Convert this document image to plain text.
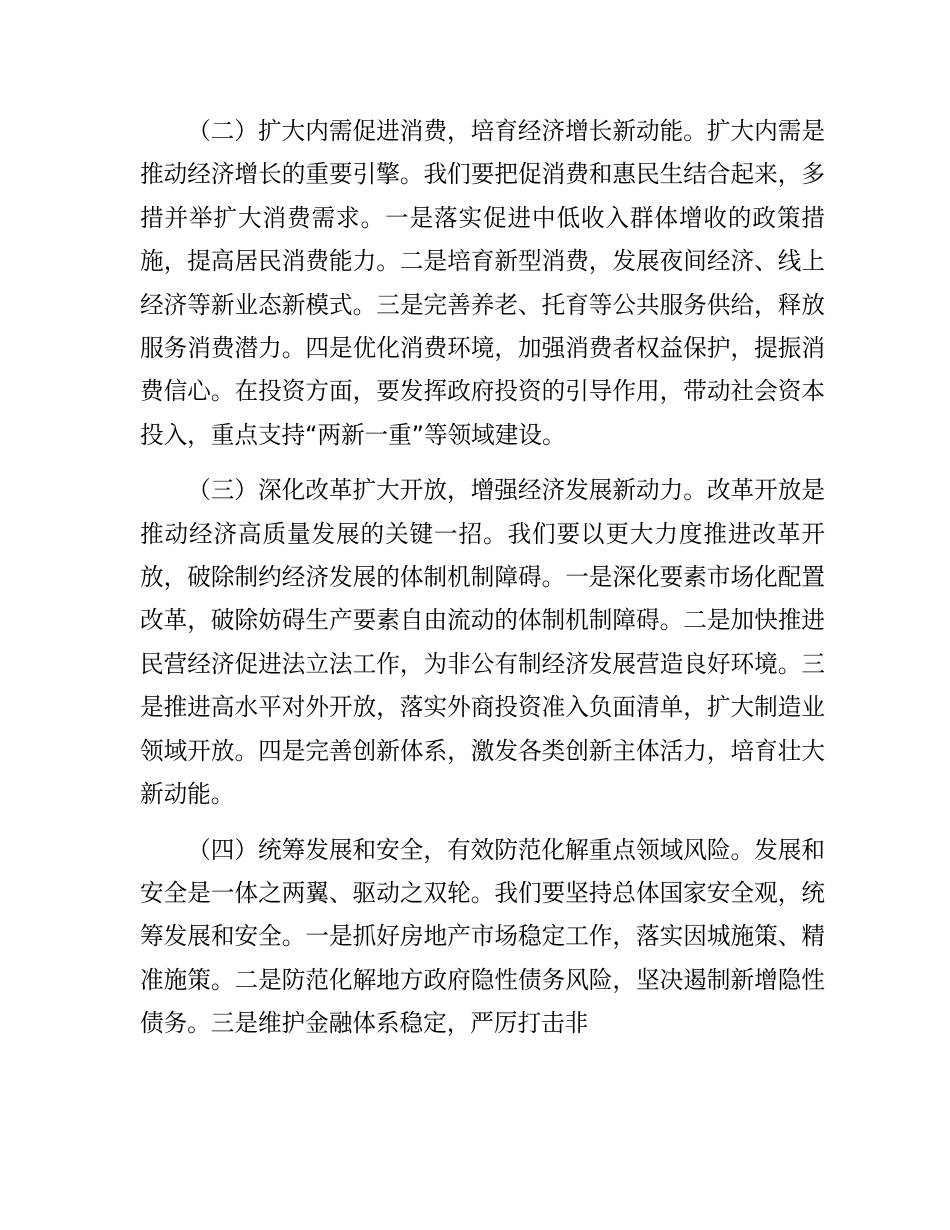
（二）扩大内需促进消费，培育经济增长新动能。扩大内需是推动经济增长的重要引擎。我们要把促消费和惠民生结合起来，多措并举扩大消费需求。一是落实促进中低收入群体增收的政策措施，提高居民消费能力。二是培育新型消费，发展夜间经济、线上经济等新业态新模式。三是完善养老、托育等公共服务供给，释放服务消费潜力。四是优化消费环境，加强消费者权益保护，提振消费信心。在投资方面，要发挥政府投资的引导作用，带动社会资本投入，重点支持“两新一重”等领域建设。

（三）深化改革扩大开放，增强经济发展新动力。改革开放是推动经济高质量发展的关键一招。我们要以更大力度推进改革开放，破除制约经济发展的体制机制障碍。一是深化要素市场化配置改革，破除妨碍生产要素自由流动的体制机制障碍。二是加快推进民营经济促进法立法工作，为非公有制经济发展营造良好环境。三是推进高水平对外开放，落实外商投资准入负面清单，扩大制造业领域开放。四是完善创新体系，激发各类创新主体活力，培育壮大新动能。

（四）统筹发展和安全，有效防范化解重点领域风险。发展和安全是一体之两翼、驱动之双轮。我们要坚持总体国家安全观，统筹发展和安全。一是抓好房地产市场稳定工作，落实因城施策、精准施策。二是防范化解地方政府隐性债务风险，坚决遏制新增隐性债务。三是维护金融体系稳定，严厉打击非
